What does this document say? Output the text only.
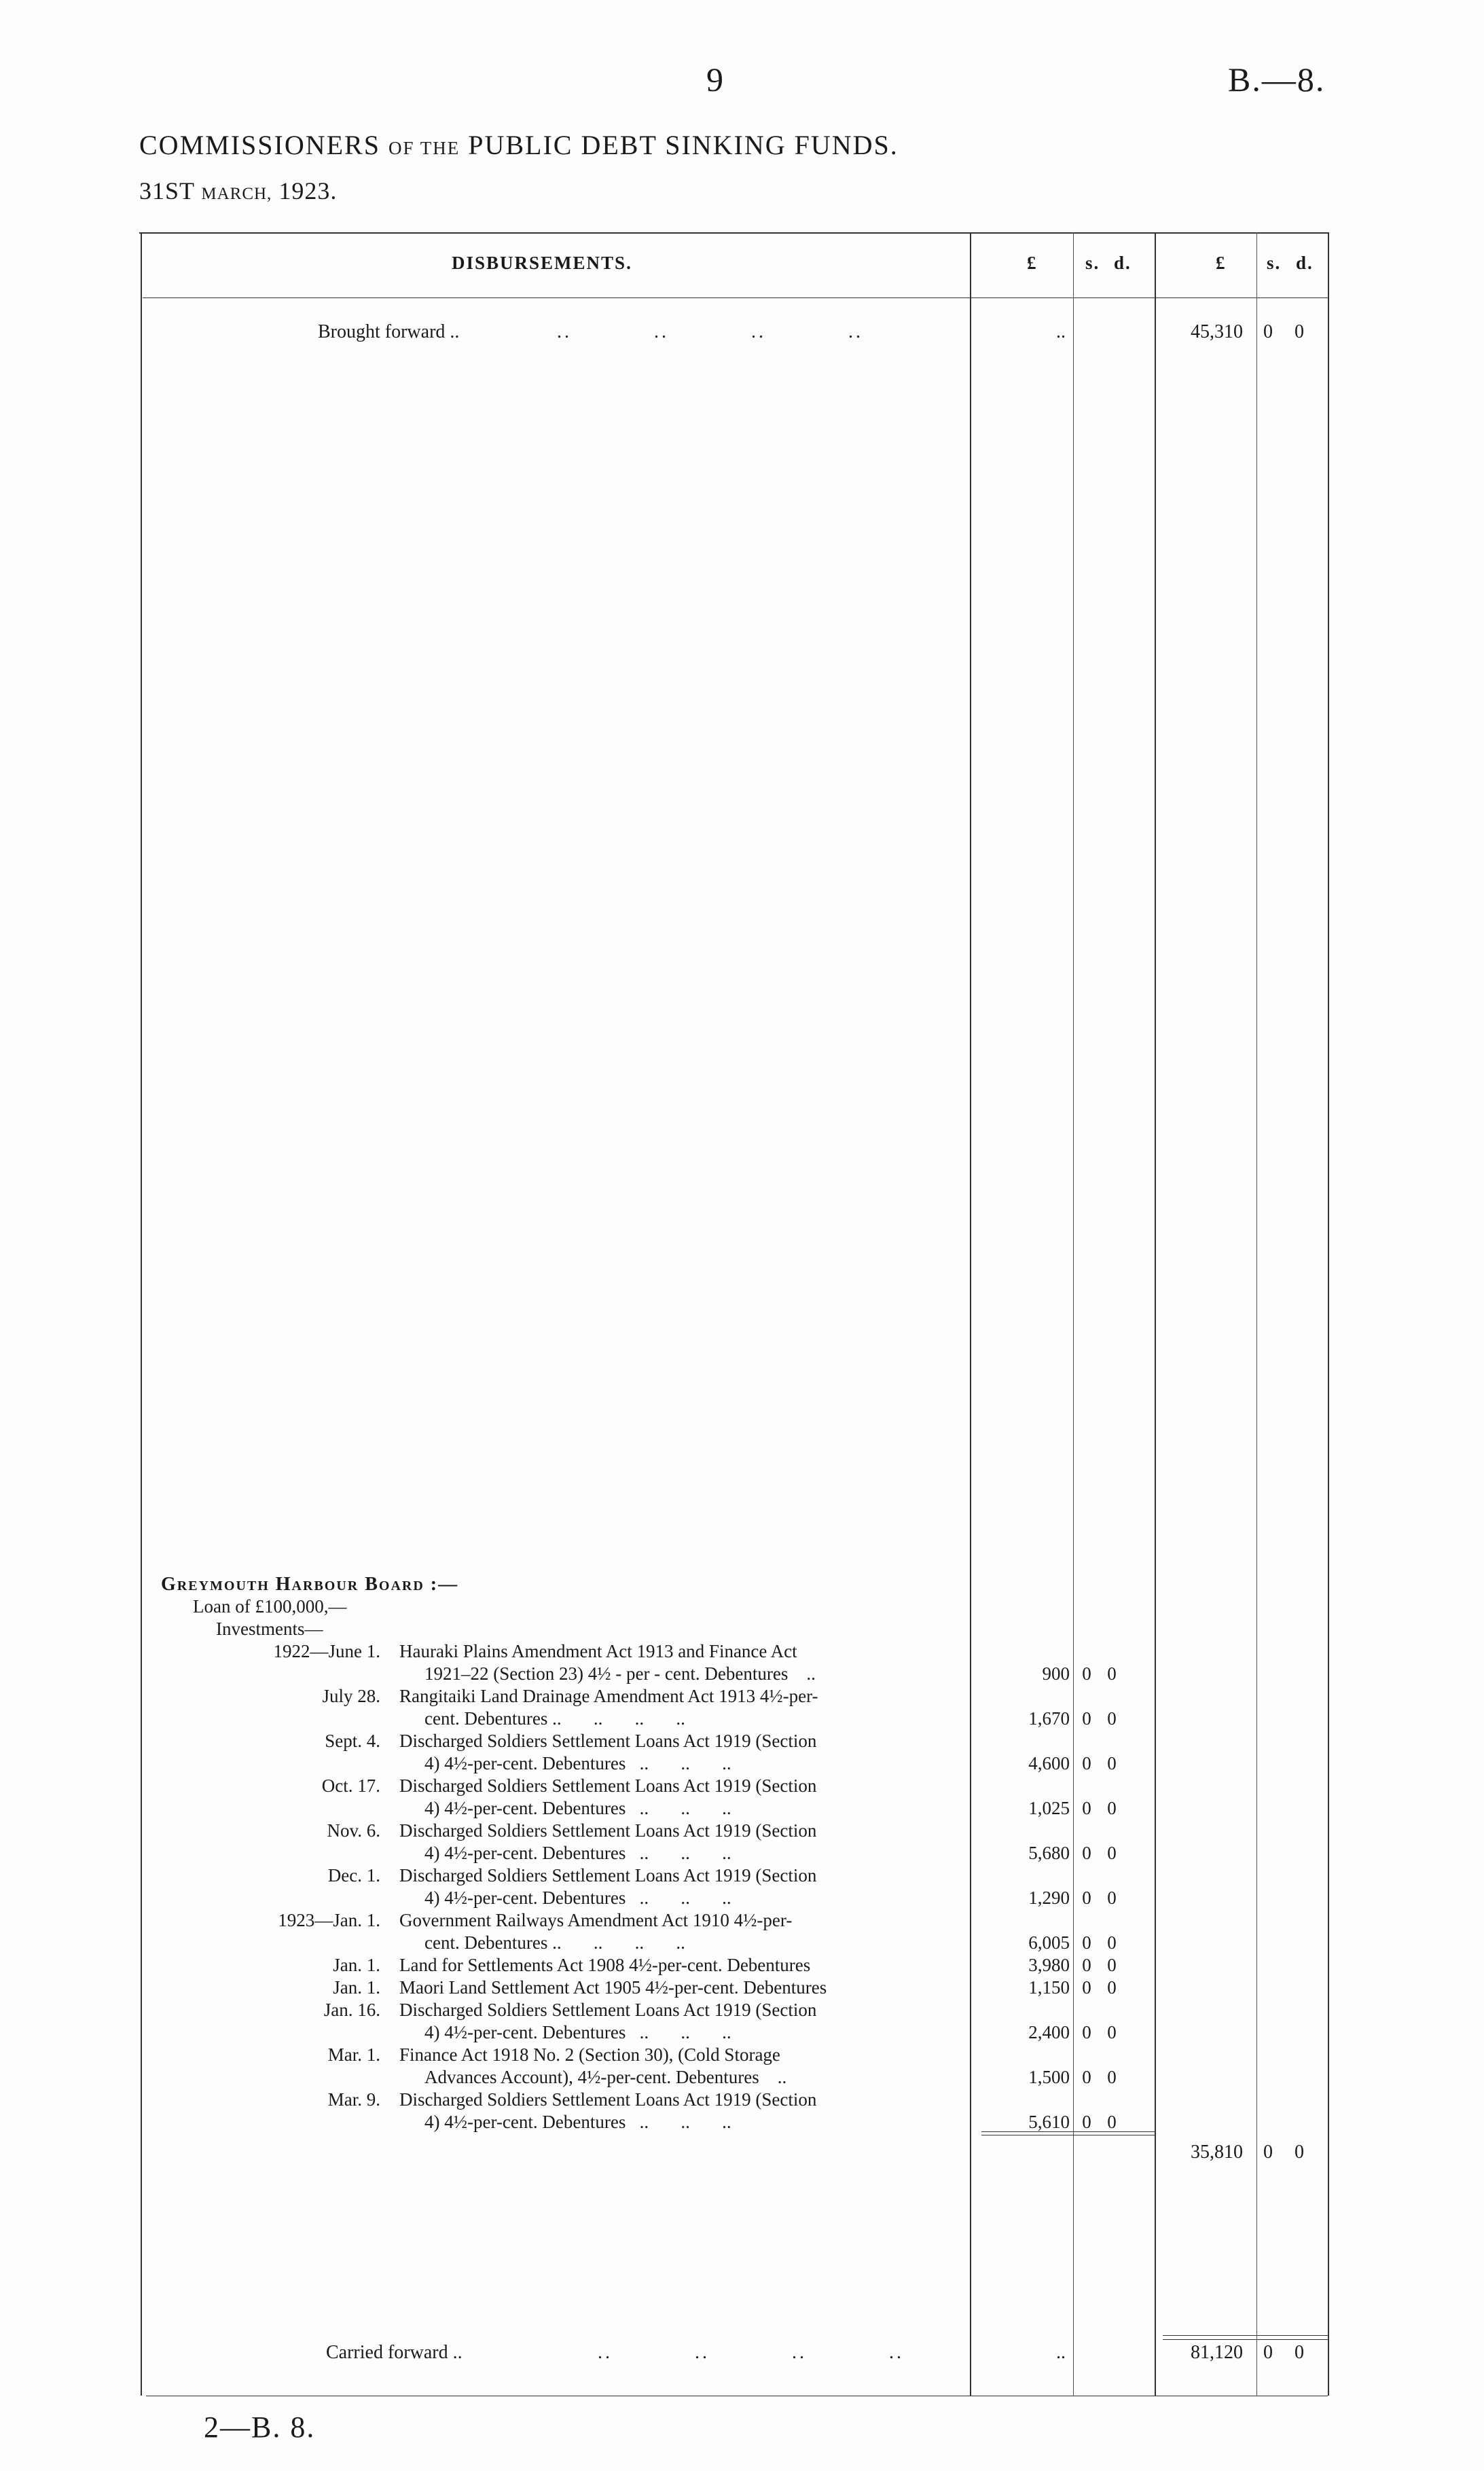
9	B.—8.
COMMISSIONERS OF THE PUBLIC DEBT SINKING FUNDS.
31ST MARCH, 1923.
DISBURSEMENTS.	£	s. d.	£ s. d.
Brought forward ..	.. .. .. ..	..	45,310 0 0
Greymouth Harbour Board :—
Loan of £100,000,—
Investments—
1922—June 1. Hauraki Plains Amendment Act 1913 and Finance Act
1921–22 (Section 23) 4½ - per - cent. Debentures    ..	900 0 0
July 28. Rangitaiki Land Drainage Amendment Act 1913 4½-per-
cent. Debentures ..       ..       ..       ..	1,670 0 0
Sept. 4. Discharged Soldiers Settlement Loans Act 1919 (Section
4) 4½-per-cent. Debentures   ..       ..       ..	4,600 0 0
Oct. 17. Discharged Soldiers Settlement Loans Act 1919 (Section
4) 4½-per-cent. Debentures   ..       ..       ..	1,025 0 0
Nov. 6. Discharged Soldiers Settlement Loans Act 1919 (Section
4) 4½-per-cent. Debentures   ..       ..       ..	5,680 0 0
Dec. 1. Discharged Soldiers Settlement Loans Act 1919 (Section
4) 4½-per-cent. Debentures   ..       ..       ..	1,290 0 0
1923—Jan. 1. Government Railways Amendment Act 1910 4½-per-
cent. Debentures ..       ..       ..       ..	6,005 0 0
Jan. 1. Land for Settlements Act 1908 4½-per-cent. Debentures	3,980 0 0
Jan. 1. Maori Land Settlement Act 1905 4½-per-cent. Debentures	1,150 0 0
Jan. 16. Discharged Soldiers Settlement Loans Act 1919 (Section
4) 4½-per-cent. Debentures   ..       ..       ..	2,400 0 0
Mar. 1. Finance Act 1918 No. 2 (Section 30), (Cold Storage
Advances Account), 4½-per-cent. Debentures    ..	1,500 0 0
Mar. 9. Discharged Soldiers Settlement Loans Act 1919 (Section
4) 4½-per-cent. Debentures   ..       ..       ..	5,610 0 0
35,810 0 0
Carried forward ..	.. .. .. ..	..	81,120 0 0
2—B. 8.
